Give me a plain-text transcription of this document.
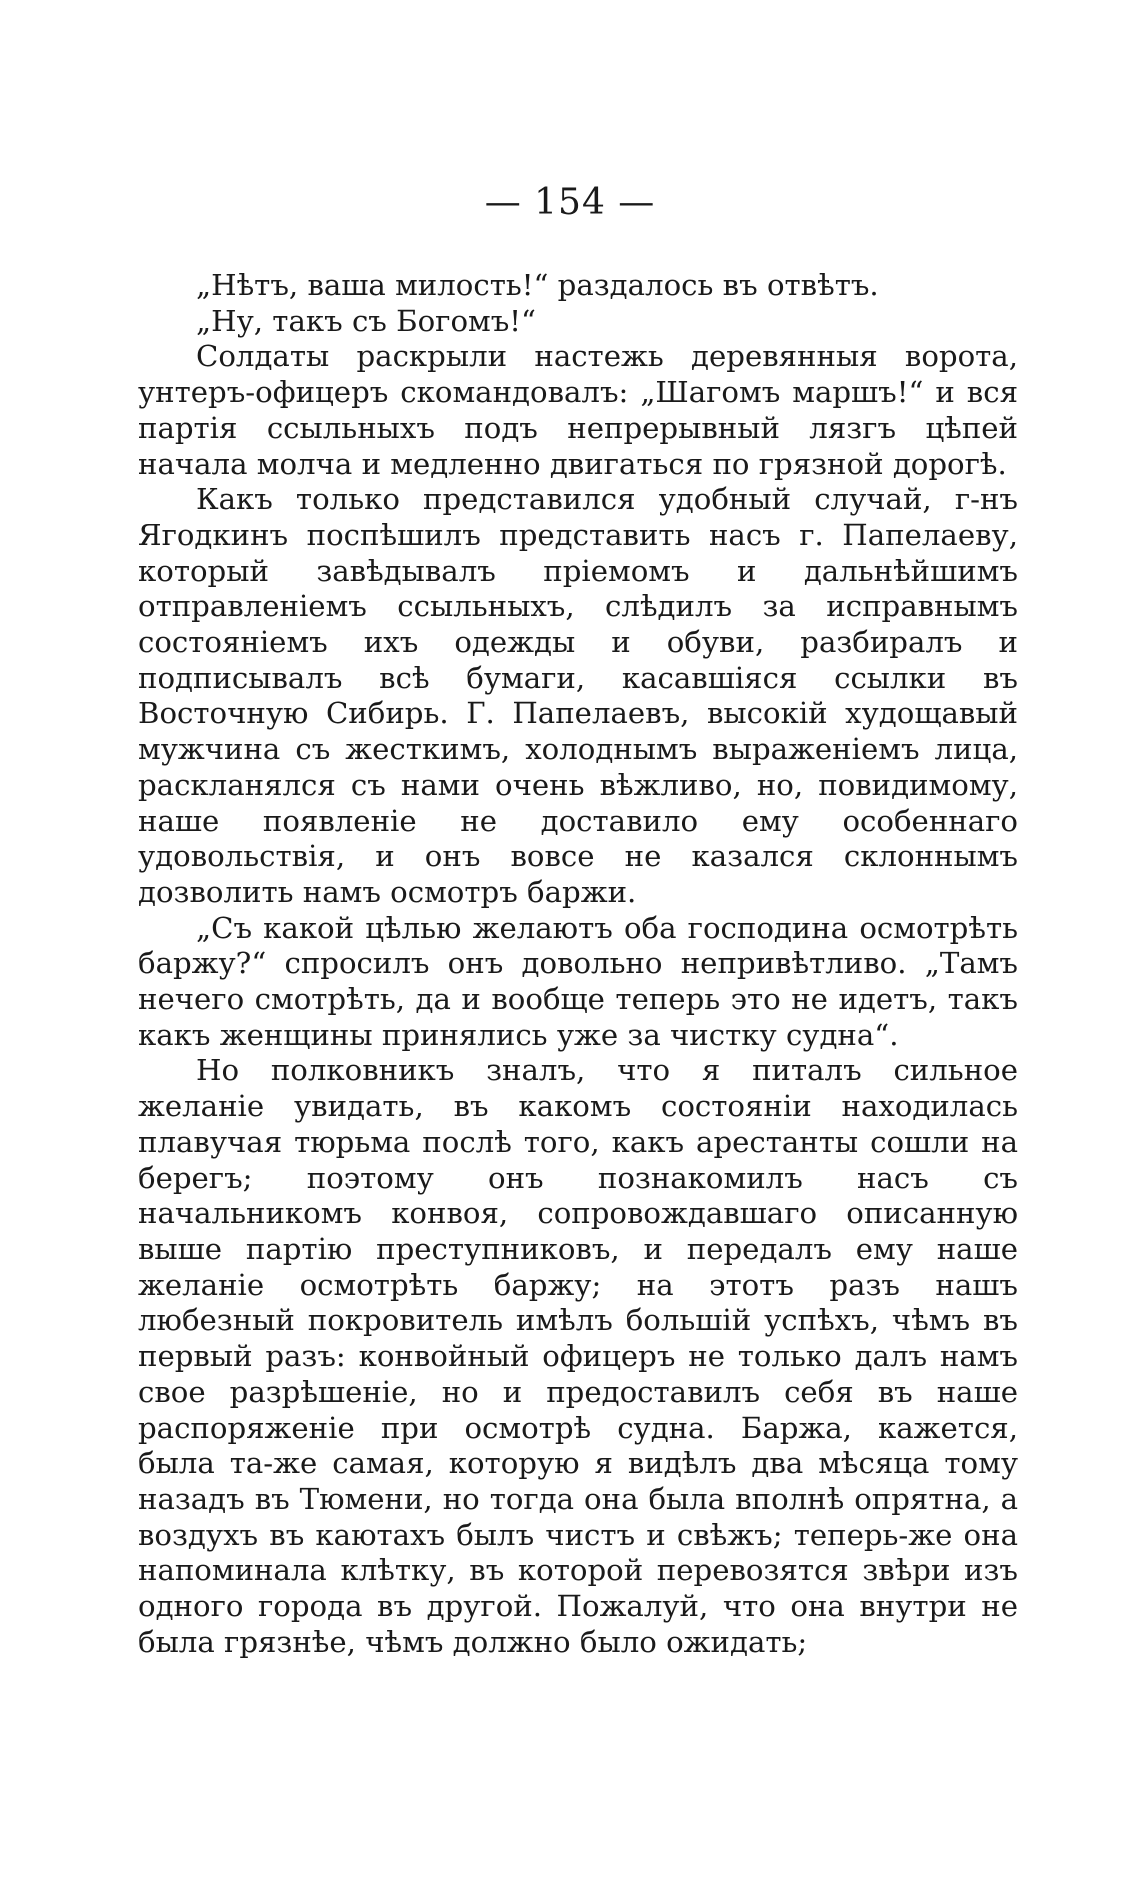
— 154 —

„Нѣтъ, ваша милость!“ раздалось въ отвѣтъ.

„Ну, такъ съ Богомъ!“

Солдаты раскрыли настежь деревянныя ворота, унтеръ-офицеръ скомандовалъ: „Шагомъ маршъ!“ и вся партія ссыльныхъ подъ непрерывный лязгъ цѣпей начала молча и медленно двигаться по грязной дорогѣ.

Какъ только представился удобный случай, г-нъ Ягодкинъ поспѣшилъ представить насъ г. Папелаеву, который завѣдывалъ пріемомъ и дальнѣйшимъ отправленіемъ ссыльныхъ, слѣдилъ за исправнымъ состояніемъ ихъ одежды и обуви, разбиралъ и подписывалъ всѣ бумаги, касавшіяся ссылки въ Восточную Сибирь. Г. Папелаевъ, высокій худощавый мужчина съ жесткимъ, холоднымъ выраженіемъ лица, раскланялся съ нами очень вѣжливо, но, повидимому, наше появленіе не доставило ему особеннаго удовольствія, и онъ вовсе не казался склоннымъ дозволить намъ осмотръ баржи.

„Съ какой цѣлью желаютъ оба господина осмотрѣть баржу?“ спросилъ онъ довольно непривѣтливо. „Тамъ нечего смотрѣть, да и вообще теперь это не идетъ, такъ какъ женщины принялись уже за чистку судна“.

Но полковникъ зналъ, что я питалъ сильное желаніе увидать, въ какомъ состояніи находилась плавучая тюрьма послѣ того, какъ арестанты сошли на берегъ; поэтому онъ познакомилъ насъ съ начальникомъ конвоя, сопровождавшаго описанную выше партію преступниковъ, и передалъ ему наше желаніе осмотрѣть баржу; на этотъ разъ нашъ любезный покровитель имѣлъ большій успѣхъ, чѣмъ въ первый разъ: конвойный офицеръ не только далъ намъ свое разрѣшеніе, но и предоставилъ себя въ наше распоряженіе при осмотрѣ судна. Баржа, кажется, была та-же самая, которую я видѣлъ два мѣсяца тому назадъ въ Тюмени, но тогда она была вполнѣ опрятна, а воздухъ въ каютахъ былъ чистъ и свѣжъ; теперь-же она напоминала клѣтку, въ которой перевозятся звѣри изъ одного города въ другой. Пожалуй, что она внутри не была грязнѣе, чѣмъ должно было ожидать;
